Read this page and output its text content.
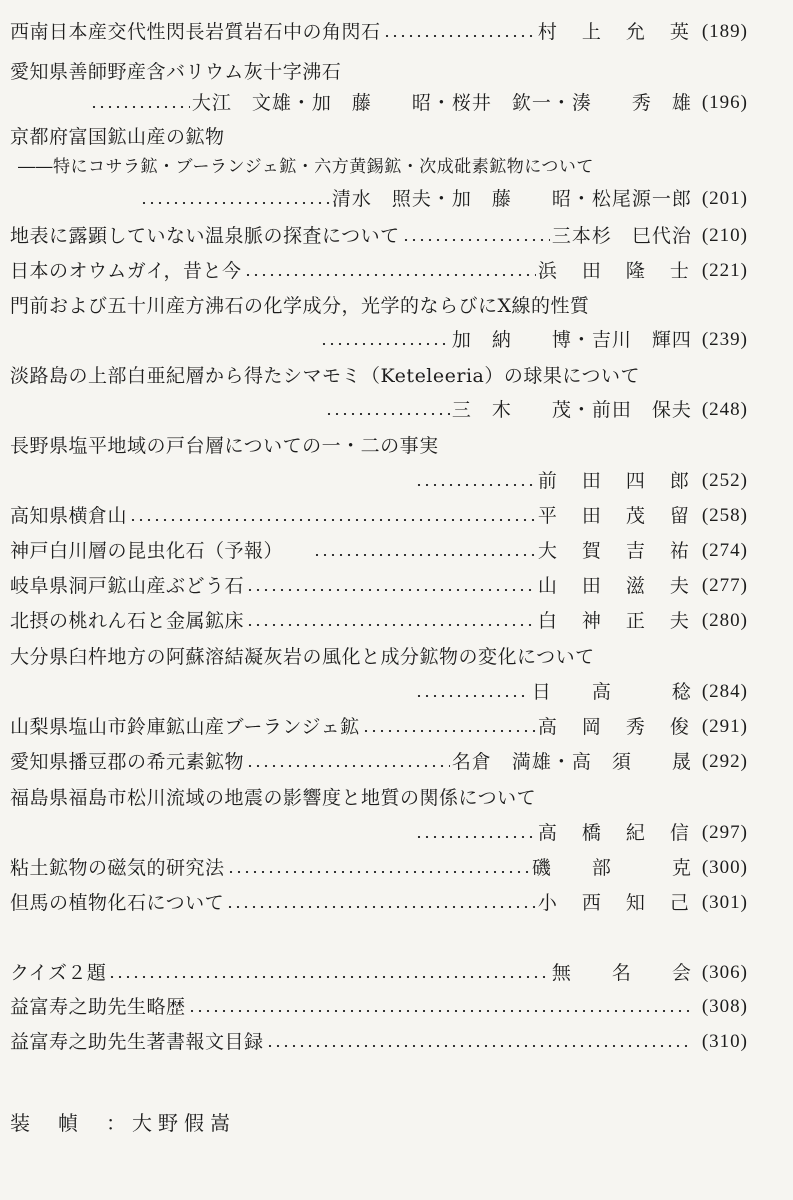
西南日本産交代性閃長岩質岩石中の角閃石	村　上　允　英 (189)
愛知県善師野産含バリウム灰十字沸石
大江　文雄・加　藤　　昭・桜井　欽一・湊　　秀　雄 (196)
京都府富国鉱山産の鉱物
――特にコサラ鉱・ブーランジェ鉱・六方黄錫鉱・次成砒素鉱物について
清水　照夫・加　藤　　昭・松尾源一郎 (201)
地表に露顕していない温泉脈の探査について	三本杉　巳代治 (210)
日本のオウムガイ，昔と今	浜　田　隆　士 (221)
門前および五十川産方沸石の化学成分，光学的ならびにX線的性質
加　納　　博・吉川　輝四 (239)
淡路島の上部白亜紀層から得たシマモミ（Keteleeria）の球果について
三　木　　茂・前田　保夫 (248)
長野県塩平地域の戸台層についての一・二の事実
前　田　四　郎 (252)
高知県横倉山	平　田　茂　留 (258)
神戸白川層の昆虫化石（予報）	大　賀　吉　祐 (274)
岐阜県洞戸鉱山産ぶどう石	山　田　滋　夫 (277)
北摂の桃れん石と金属鉱床	白　神　正　夫 (280)
大分県臼杵地方の阿蘇溶結凝灰岩の風化と成分鉱物の変化について
日　　高　　　稔 (284)
山梨県塩山市鈴庫鉱山産ブーランジェ鉱	高　岡　秀　俊 (291)
愛知県播豆郡の希元素鉱物	名倉　満雄・高　須　　晟 (292)
福島県福島市松川流域の地震の影響度と地質の関係について
高　橋　紀　信 (297)
粘土鉱物の磁気的研究法	磯　　部　　　克 (300)
但馬の植物化石について	小　西　知　己 (301)
クイズ２題	無　　名　　会 (306)
益富寿之助先生略歴	(308)
益富寿之助先生著書報文目録	(310)
装幀：大野假嵩
